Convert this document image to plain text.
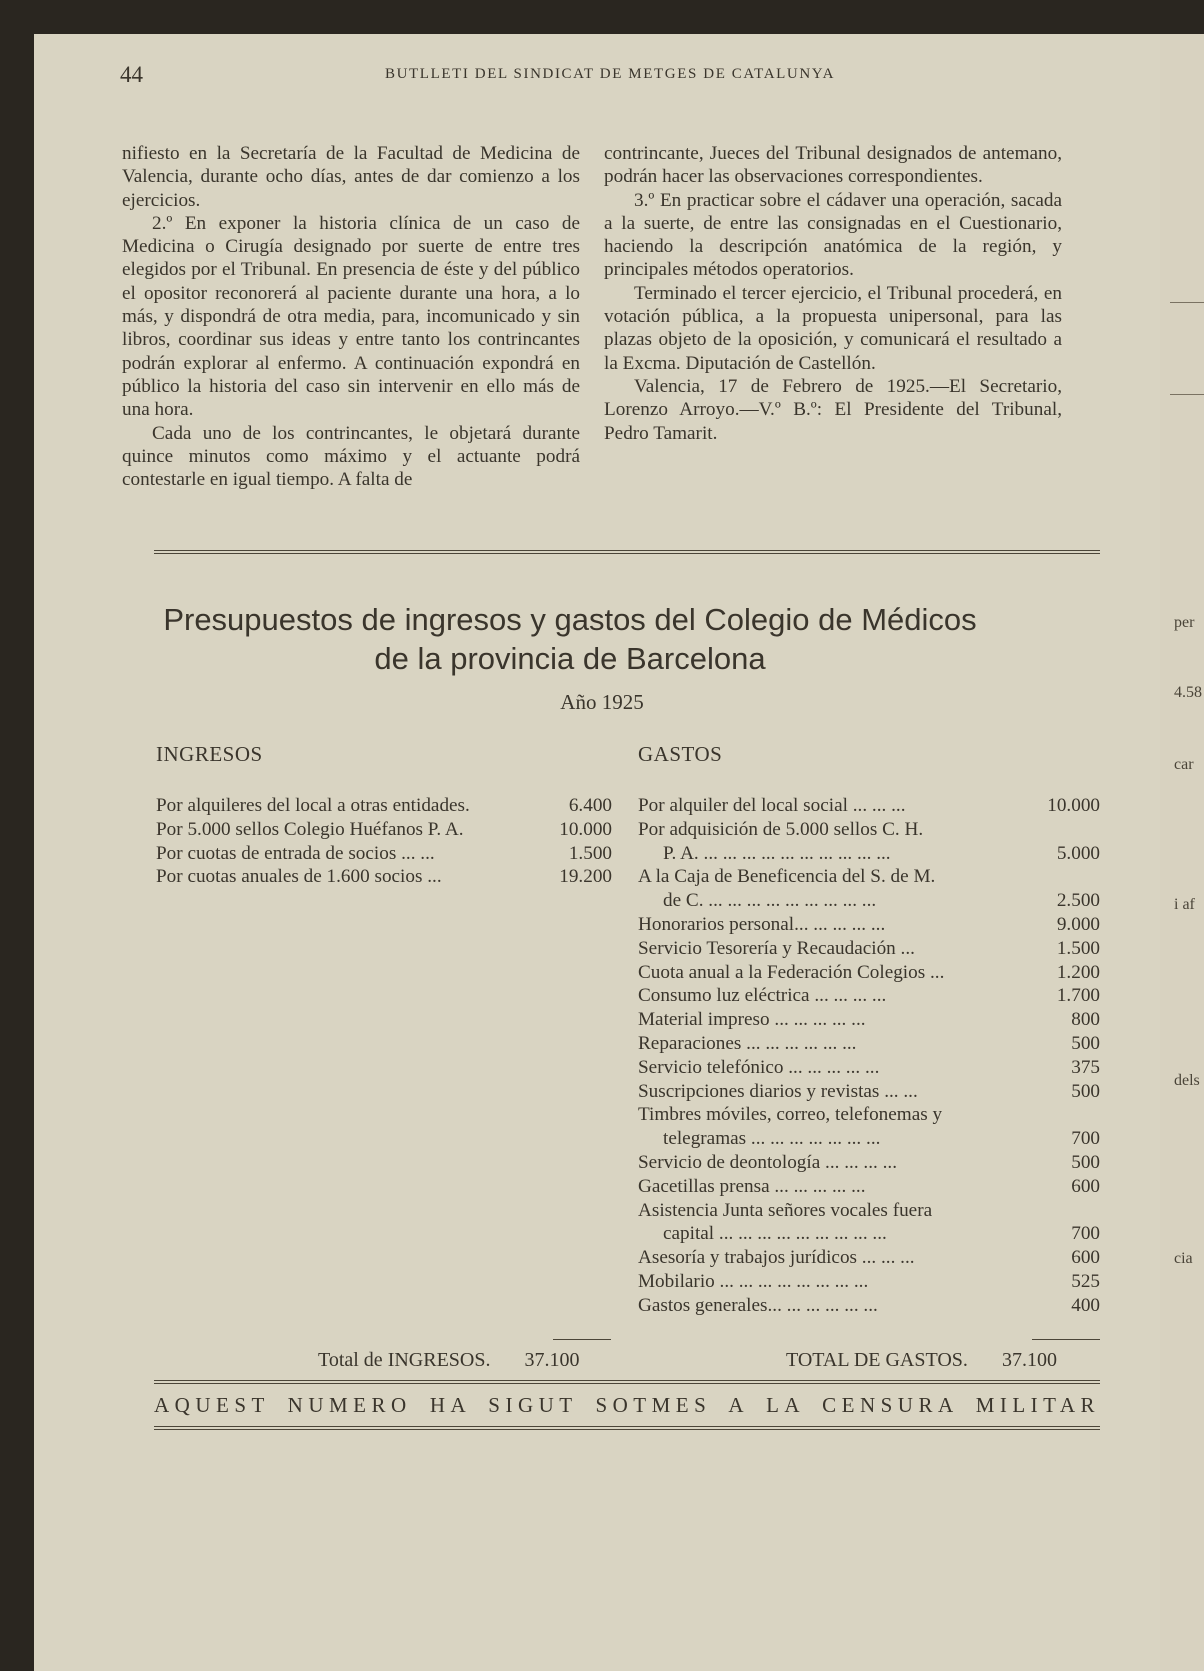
per
4.58
car
i af
dels
cia
44	BUTLLETI DEL SINDICAT DE METGES DE CATALUNYA

nifiesto en la Secretaría de la Facultad de Medicina de Valencia, durante ocho días, antes de dar comienzo a los ejercicios.

2.º En exponer la historia clínica de un caso de Medicina o Cirugía designado por suerte de entre tres elegidos por el Tribunal. En presencia de éste y del público el opositor reconorerá al paciente durante una hora, a lo más, y dispondrá de otra media, para, incomunicado y sin libros, coordinar sus ideas y entre tanto los contrincantes podrán explorar al enfermo. A continuación expondrá en público la historia del caso sin intervenir en ello más de una hora.

Cada uno de los contrincantes, le objetará durante quince minutos como máximo y el actuante podrá contestarle en igual tiempo. A falta de

contrincante, Jueces del Tribunal designados de antemano, podrán hacer las observaciones correspondientes.

3.º En practicar sobre el cádaver una operación, sacada a la suerte, de entre las consignadas en el Cuestionario, haciendo la descripción anatómica de la región, y principales métodos operatorios.

Terminado el tercer ejercicio, el Tribunal procederá, en votación pública, a la propuesta unipersonal, para las plazas objeto de la oposición, y comunicará el resultado a la Excma. Diputación de Castellón.

Valencia, 17 de Febrero de 1925.—El Secretario, Lorenzo Arroyo.—V.º B.º: El Presidente del Tribunal, Pedro Tamarit.

Presupuestos de ingresos y gastos del Colegio de Médicos
de la provincia de Barcelona
Año 1925
INGRESOS	GASTOS
Por alquileres del local a otras entidades.	6.400
Por 5.000 sellos Colegio Huéfanos P. A.	10.000
Por cuotas de entrada de socios ... ...	1.500
Por cuotas anuales de 1.600 socios ...	19.200
Por alquiler del local social ... ... ...	10.000
Por adquisición de 5.000 sellos C. H.
P. A. ... ... ... ... ... ... ... ... ... ...	5.000
A la Caja de Beneficencia del S. de M.
de C. ... ... ... ... ... ... ... ... ...	2.500
Honorarios personal... ... ... ... ...	9.000
Servicio Tesorería y Recaudación ...	1.500
Cuota anual a la Federación Colegios ...	1.200
Consumo luz eléctrica ... ... ... ...	1.700
Material impreso ... ... ... ... ...	800
Reparaciones ... ... ... ... ... ...	500
Servicio telefónico ... ... ... ... ...	375
Suscripciones diarios y revistas ... ...	500
Timbres móviles, correo, telefonemas y
telegramas ... ... ... ... ... ... ...	700
Servicio de deontología ... ... ... ...	500
Gacetillas prensa ... ... ... ... ...	600
Asistencia Junta señores vocales fuera
capital ... ... ... ... ... ... ... ... ...	700
Asesoría y trabajos jurídicos ... ... ...	600
Mobilario ... ... ... ... ... ... ... ...	525
Gastos generales... ... ... ... ... ...	400
Total de INGRESOS. 37.100	TOTAL DE GASTOS. 37.100
AQUEST NUMERO HA SIGUT SOTMES A LA CENSURA MILITAR
